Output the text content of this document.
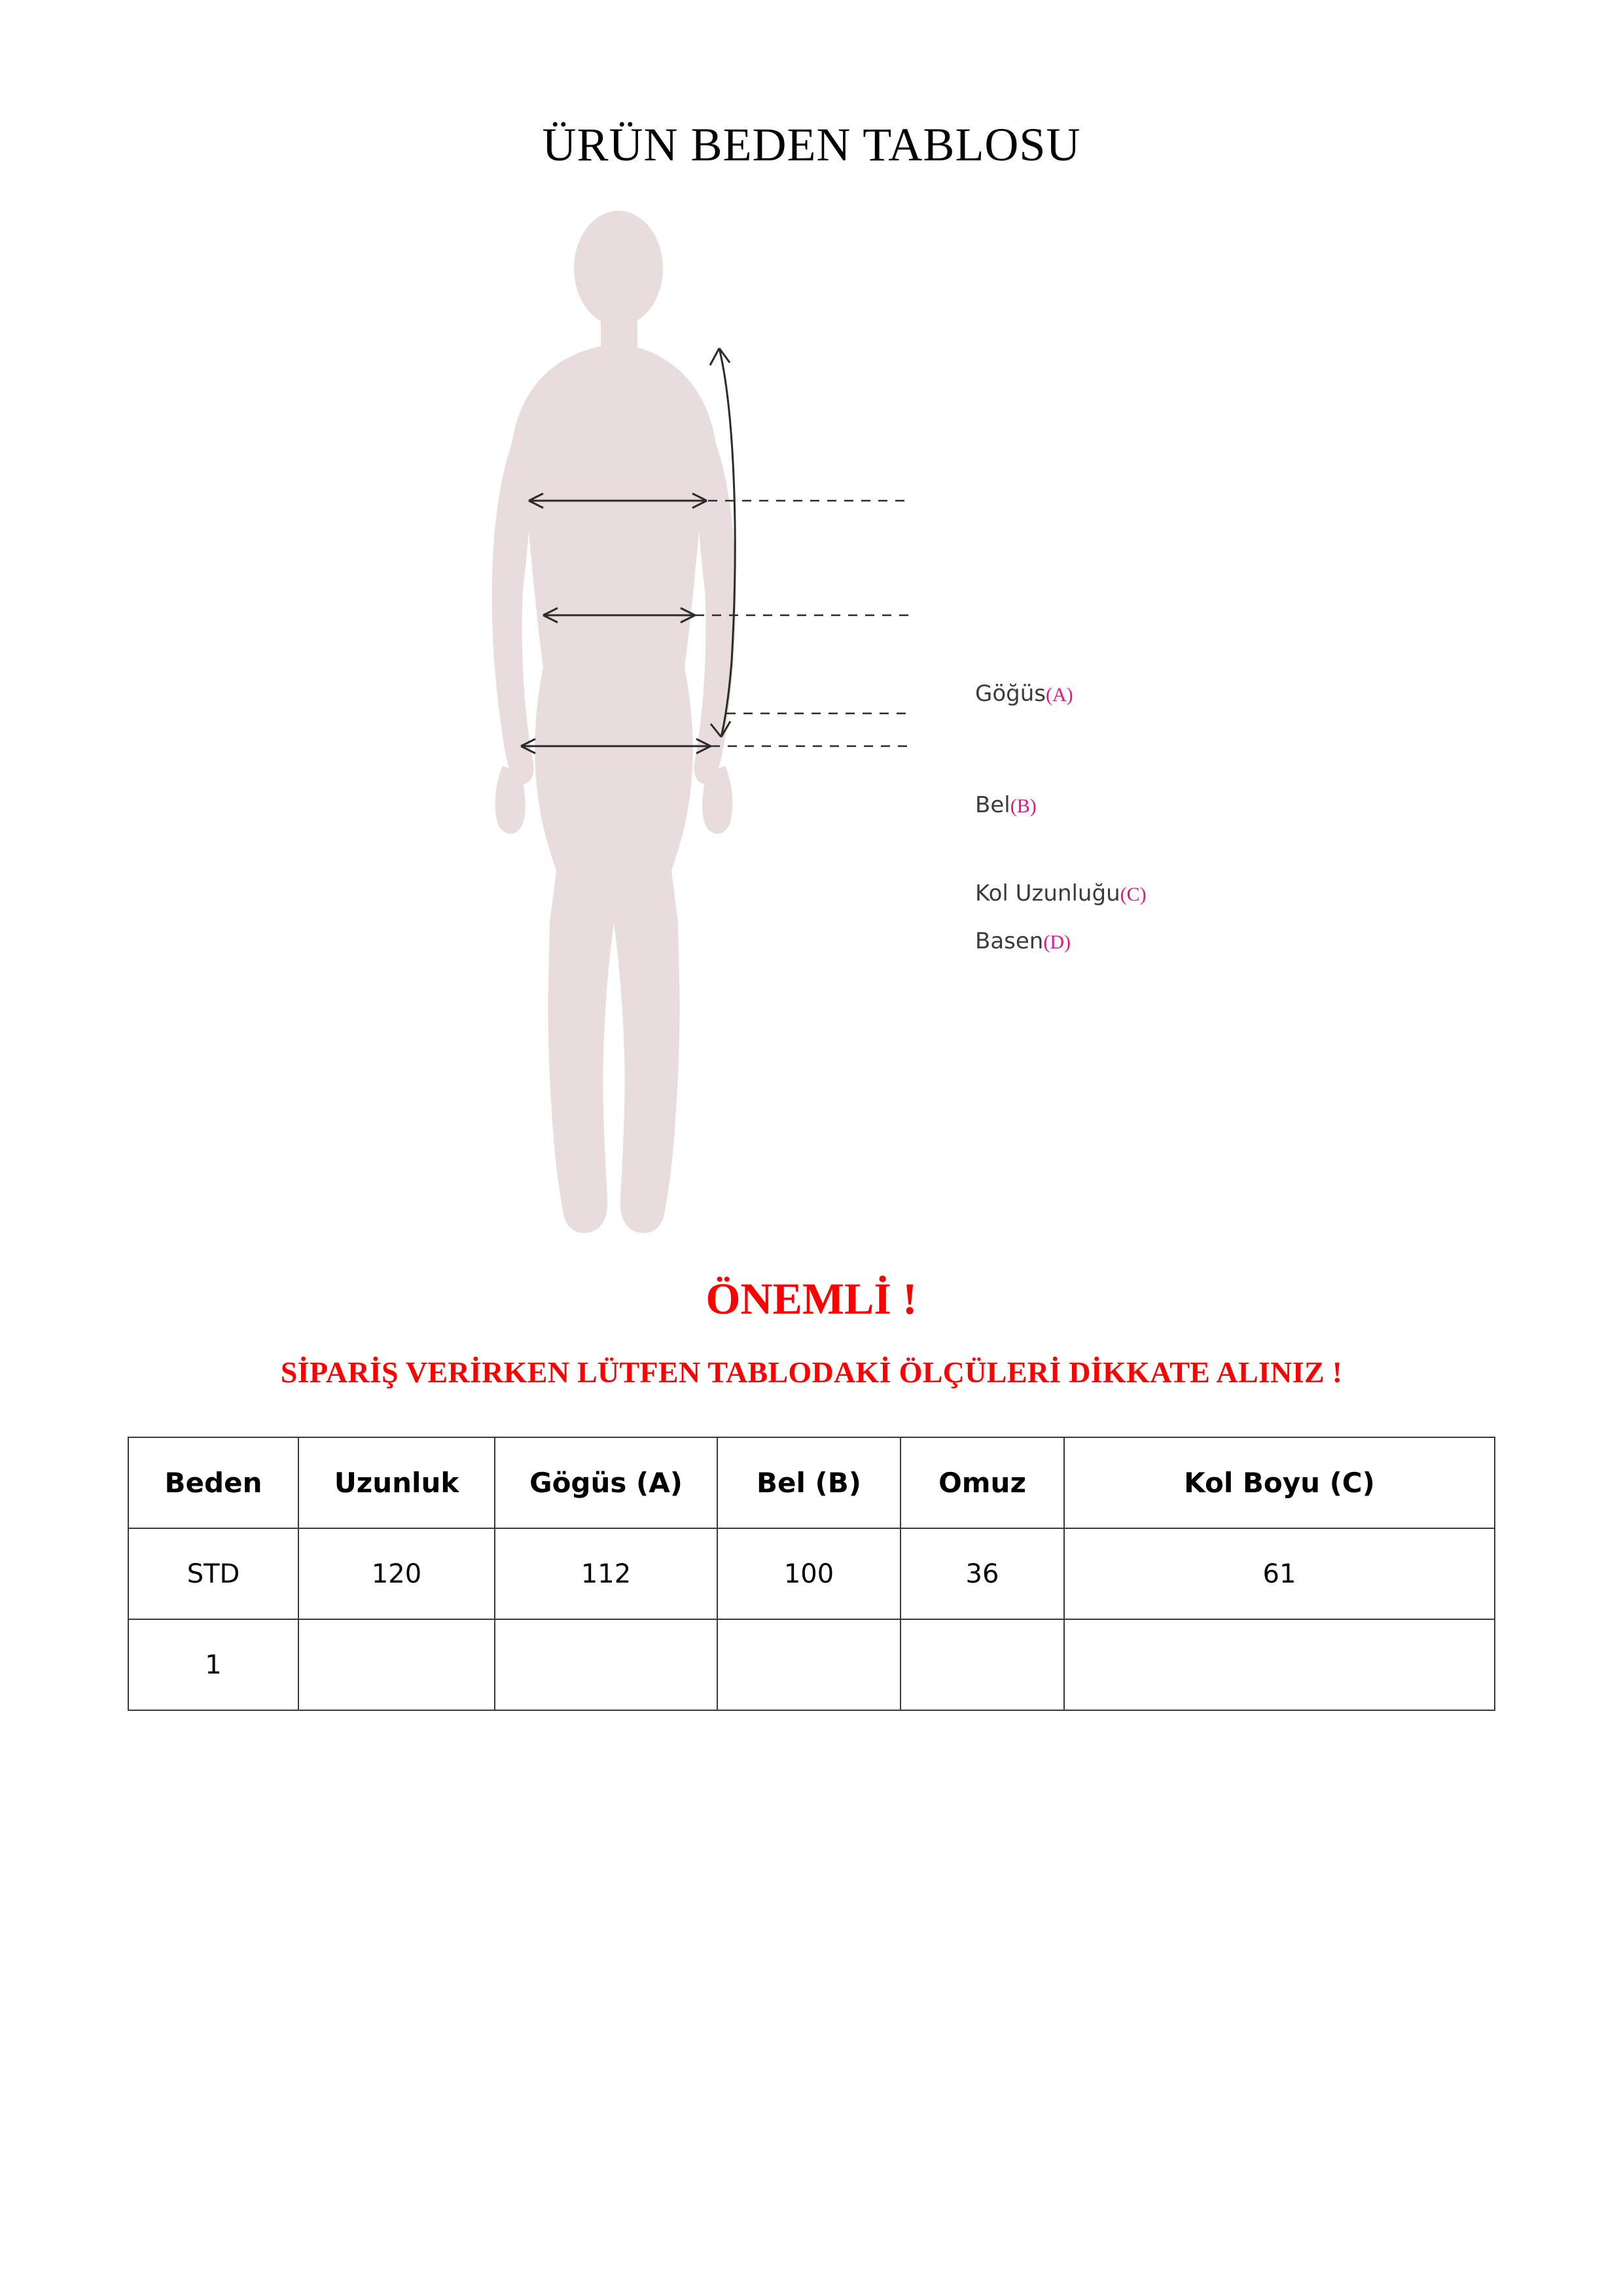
ÜRÜN BEDEN TABLOSU
Göğüs(A)
Bel(B)
Kol Uzunluğu(C)
Basen(D)
ÖNEMLİ !
SİPARİŞ VERİRKEN LÜTFEN TABLODAKİ ÖLÇÜLERİ DİKKATE ALINIZ !
Beden	Uzunluk	Gögüs (A)	Bel (B)	Omuz	Kol Boyu (C)
STD	120	112	100	36	61
1					
